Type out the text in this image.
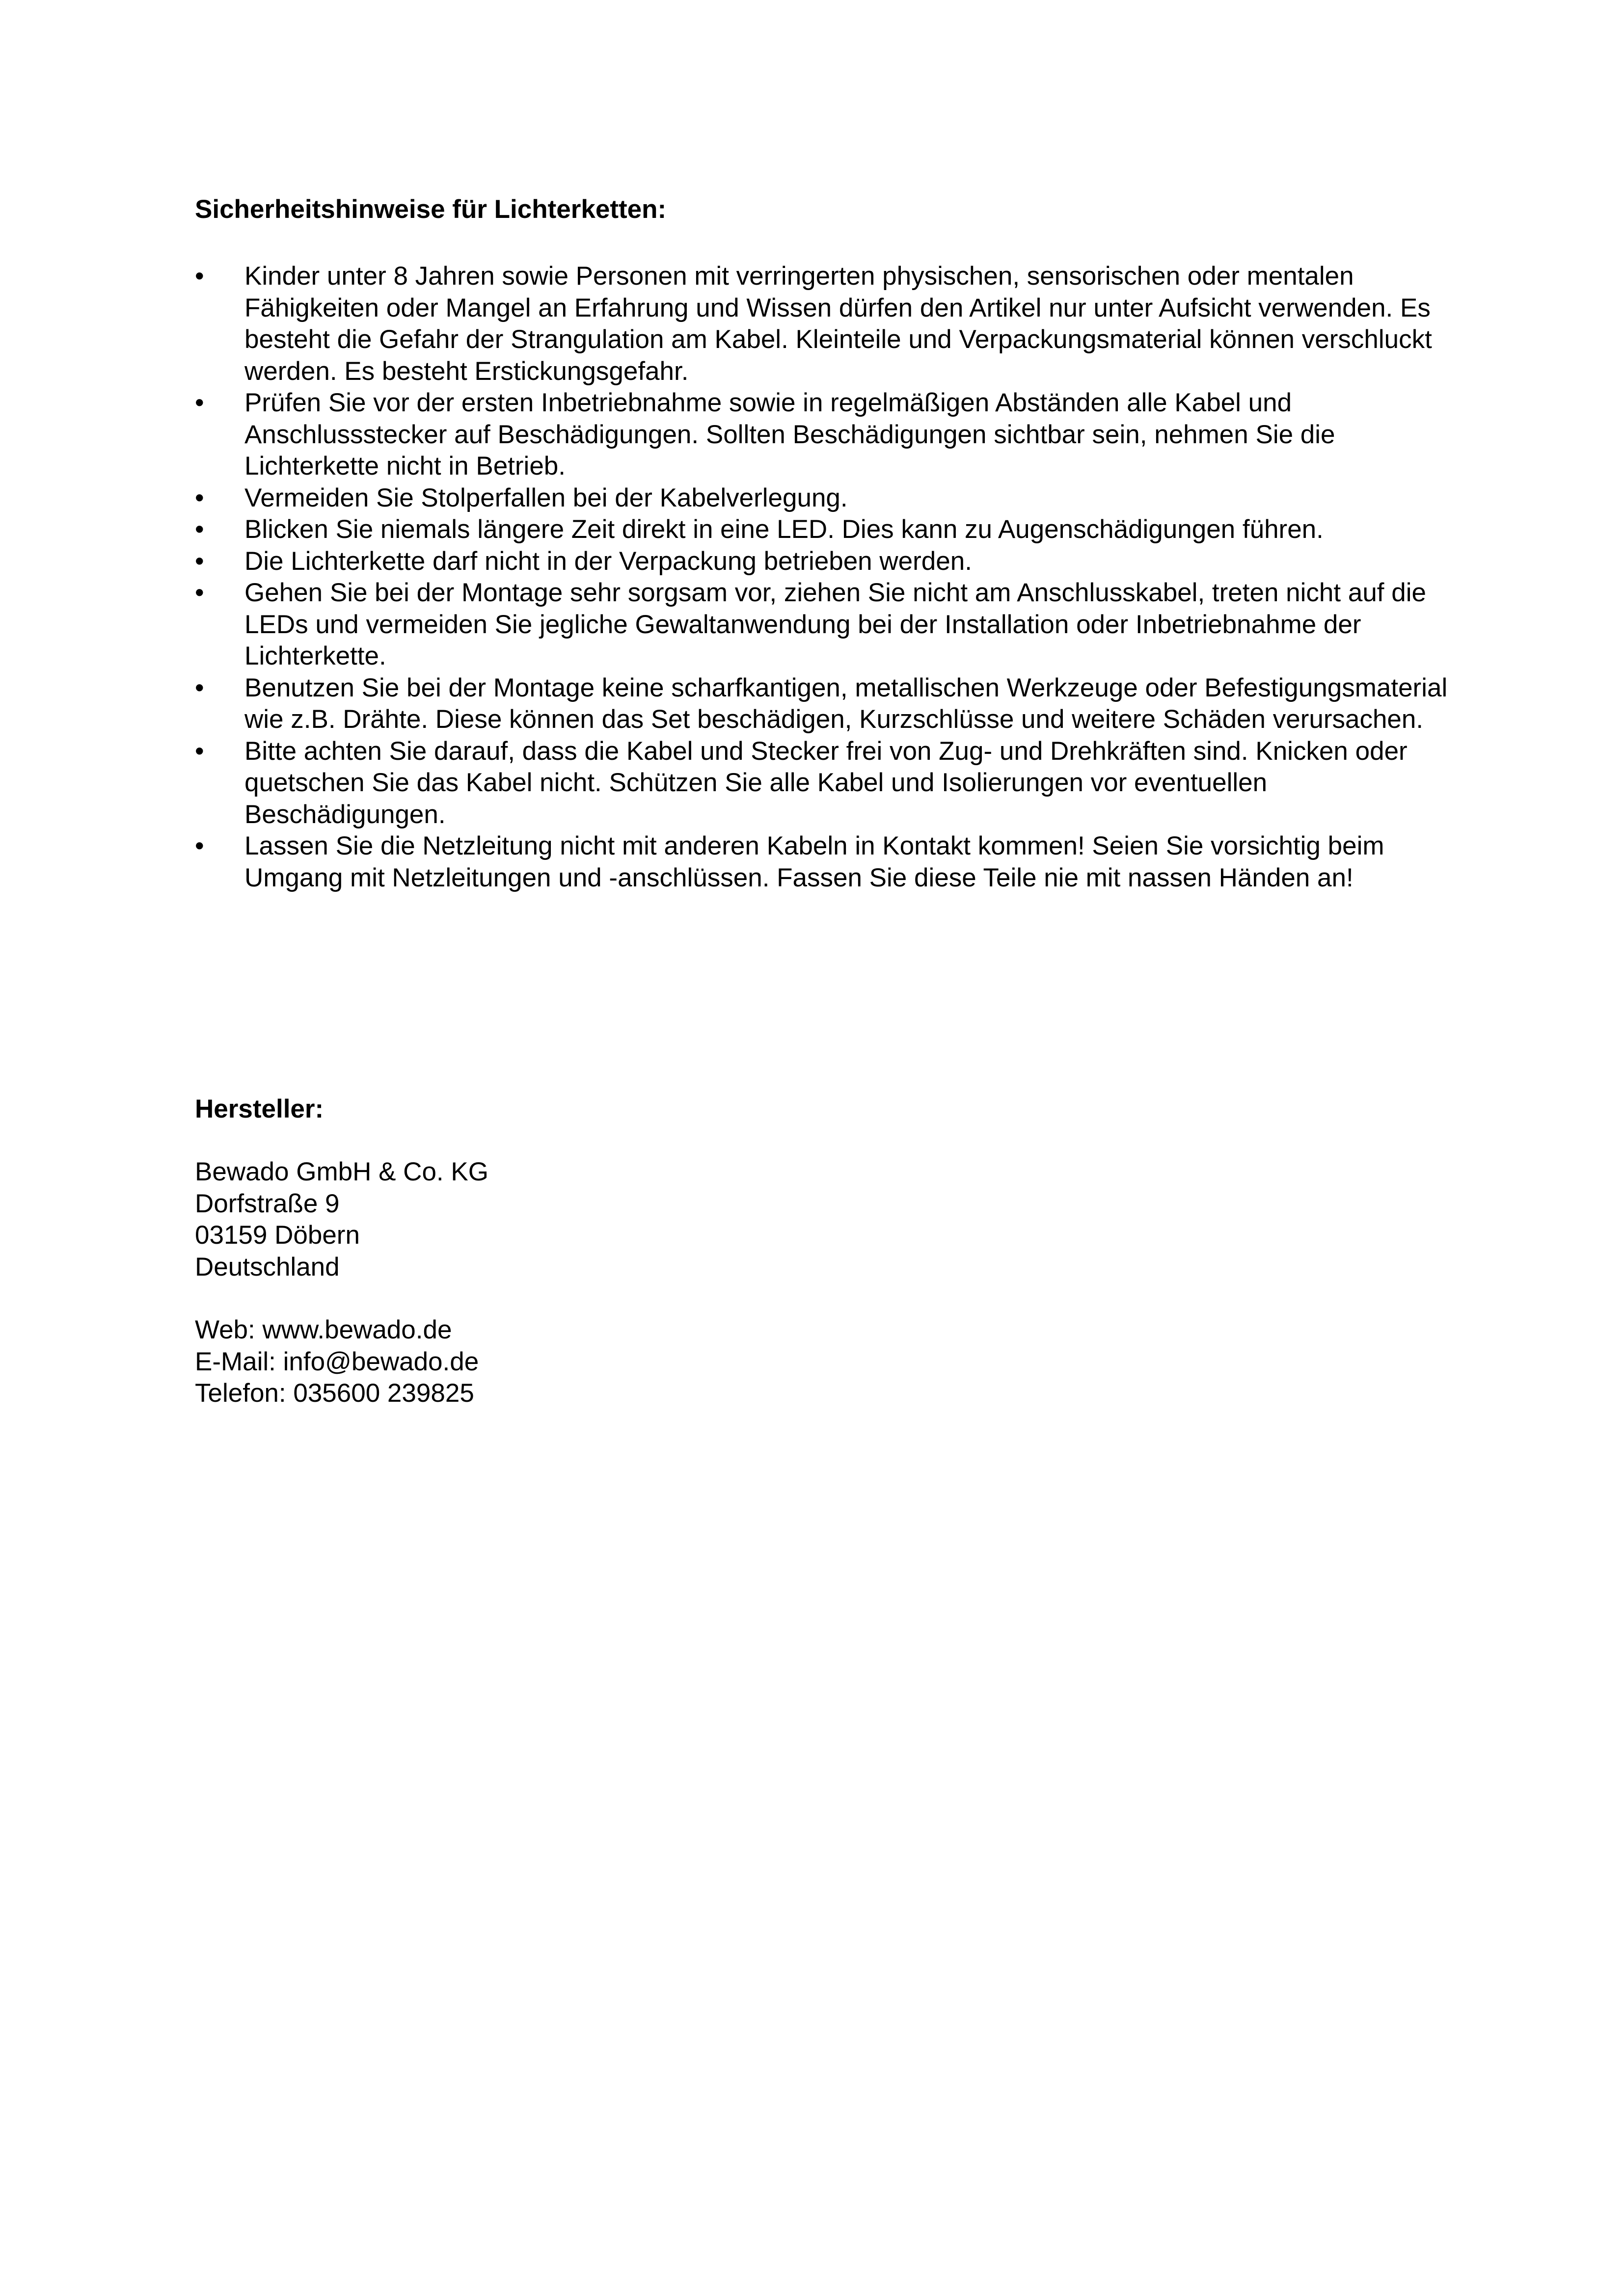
Sicherheitshinweise für Lichterketten:
•	Kinder unter 8 Jahren sowie Personen mit verringerten physischen, sensorischen oder mentalen Fähigkeiten oder Mangel an Erfahrung und Wissen dürfen den Artikel nur unter Aufsicht verwenden. Es besteht die Gefahr der Strangulation am Kabel. Kleinteile und Verpackungsmaterial können verschluckt werden. Es besteht Erstickungsgefahr.
•	Prüfen Sie vor der ersten Inbetriebnahme sowie in regelmäßigen Abständen alle Kabel und Anschlussstecker auf Beschädigungen. Sollten Beschädigungen sichtbar sein, nehmen Sie die Lichterkette nicht in Betrieb.
•	Vermeiden Sie Stolperfallen bei der Kabelverlegung.
•	Blicken Sie niemals längere Zeit direkt in eine LED. Dies kann zu Augenschädigungen führen.
•	Die Lichterkette darf nicht in der Verpackung betrieben werden.
•	Gehen Sie bei der Montage sehr sorgsam vor, ziehen Sie nicht am Anschlusskabel, treten nicht auf die LEDs und vermeiden Sie jegliche Gewaltanwendung bei der Installation oder Inbetriebnahme der Lichterkette.
•	Benutzen Sie bei der Montage keine scharfkantigen, metallischen Werkzeuge oder Befestigungsmaterial wie z.B. Drähte. Diese können das Set beschädigen, Kurzschlüsse und weitere Schäden verursachen.
•	Bitte achten Sie darauf, dass die Kabel und Stecker frei von Zug- und Drehkräften sind. Knicken oder quetschen Sie das Kabel nicht. Schützen Sie alle Kabel und Isolierungen vor eventuellen Beschädigungen.
•	Lassen Sie die Netzleitung nicht mit anderen Kabeln in Kontakt kommen! Seien Sie vorsichtig beim Umgang mit Netzleitungen und -anschlüssen. Fassen Sie diese Teile nie mit nassen Händen an!
Hersteller:
Bewado GmbH & Co. KG
Dorfstraße 9
03159 Döbern
Deutschland
Web: www.bewado.de
E-Mail: info@bewado.de
Telefon: 035600 239825
